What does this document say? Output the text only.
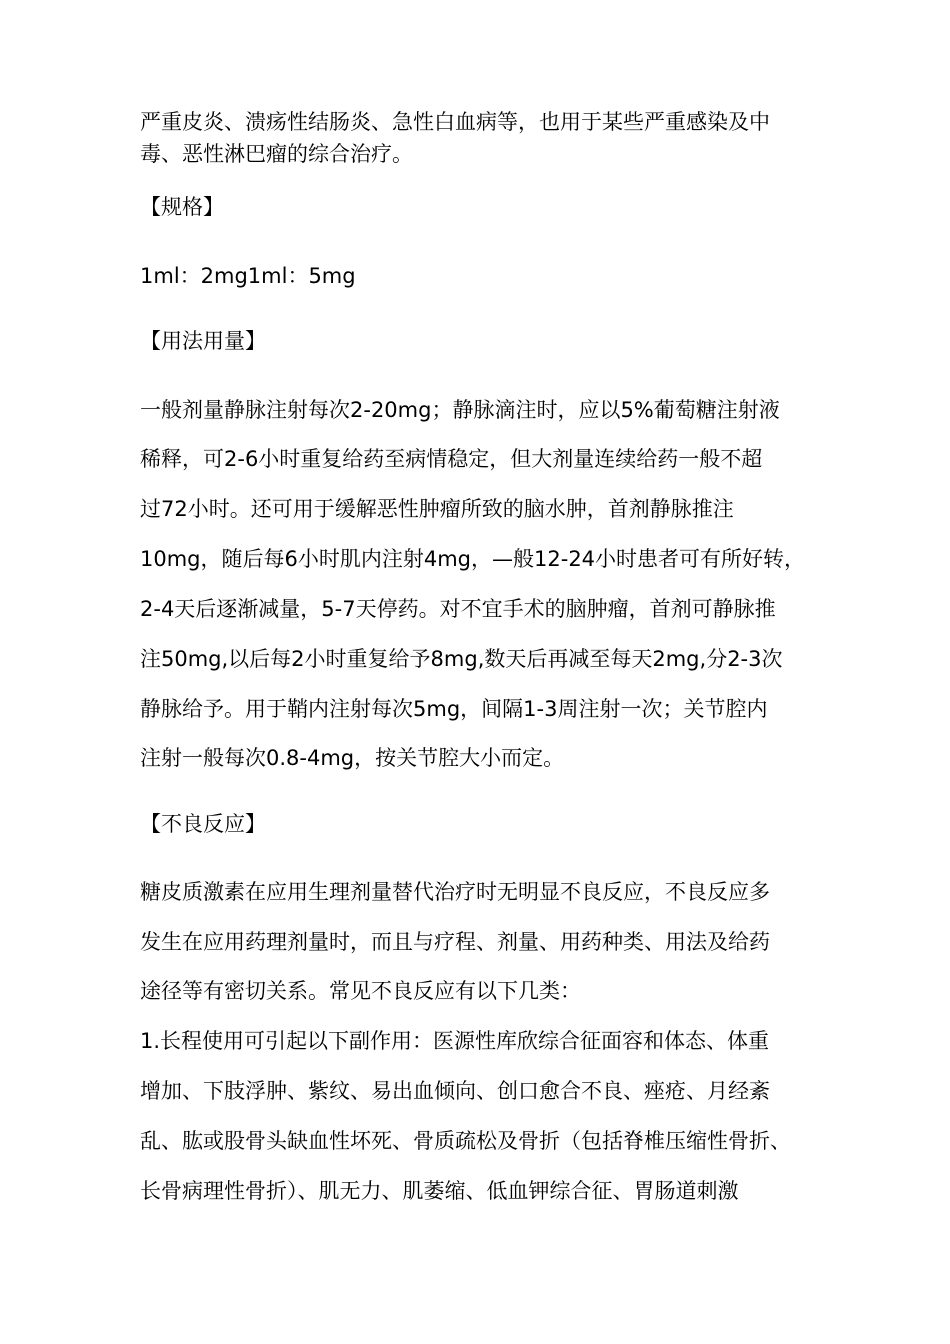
严重皮炎、溃疡性结肠炎、急性白血病等，也用于某些严重感染及中
毒、恶性淋巴瘤的综合治疗。
【规格】
1ml：2mg1ml：5mg
【用法用量】
一般剂量静脉注射每次2-20mg；静脉滴注时，应以5%葡萄糖注射液
稀释，可2-6小时重复给药至病情稳定，但大剂量连续给药一般不超
过72小时。还可用于缓解恶性肿瘤所致的脑水肿，首剂静脉推注
10mg，随后每6小时肌内注射4mg，—般12-24小时患者可有所好转，
2-4天后逐渐减量，5-7天停药。对不宜手术的脑肿瘤，首剂可静脉推
注50mg,以后每2小时重复给予8mg,数天后再减至每天2mg,分2-3次
静脉给予。用于鞘内注射每次5mg，间隔1-3周注射一次；关节腔内
注射一般每次0.8-4mg，按关节腔大小而定。
【不良反应】
糖皮质激素在应用生理剂量替代治疗时无明显不良反应，不良反应多
发生在应用药理剂量时，而且与疗程、剂量、用药种类、用法及给药
途径等有密切关系。常见不良反应有以下几类：
1.长程使用可引起以下副作用：医源性库欣综合征面容和体态、体重
增加、下肢浮肿、紫纹、易出血倾向、创口愈合不良、痤疮、月经紊
乱、肱或股骨头缺血性坏死、骨质疏松及骨折（包括脊椎压缩性骨折、
长骨病理性骨折）、肌无力、肌萎缩、低血钾综合征、胃肠道刺激
